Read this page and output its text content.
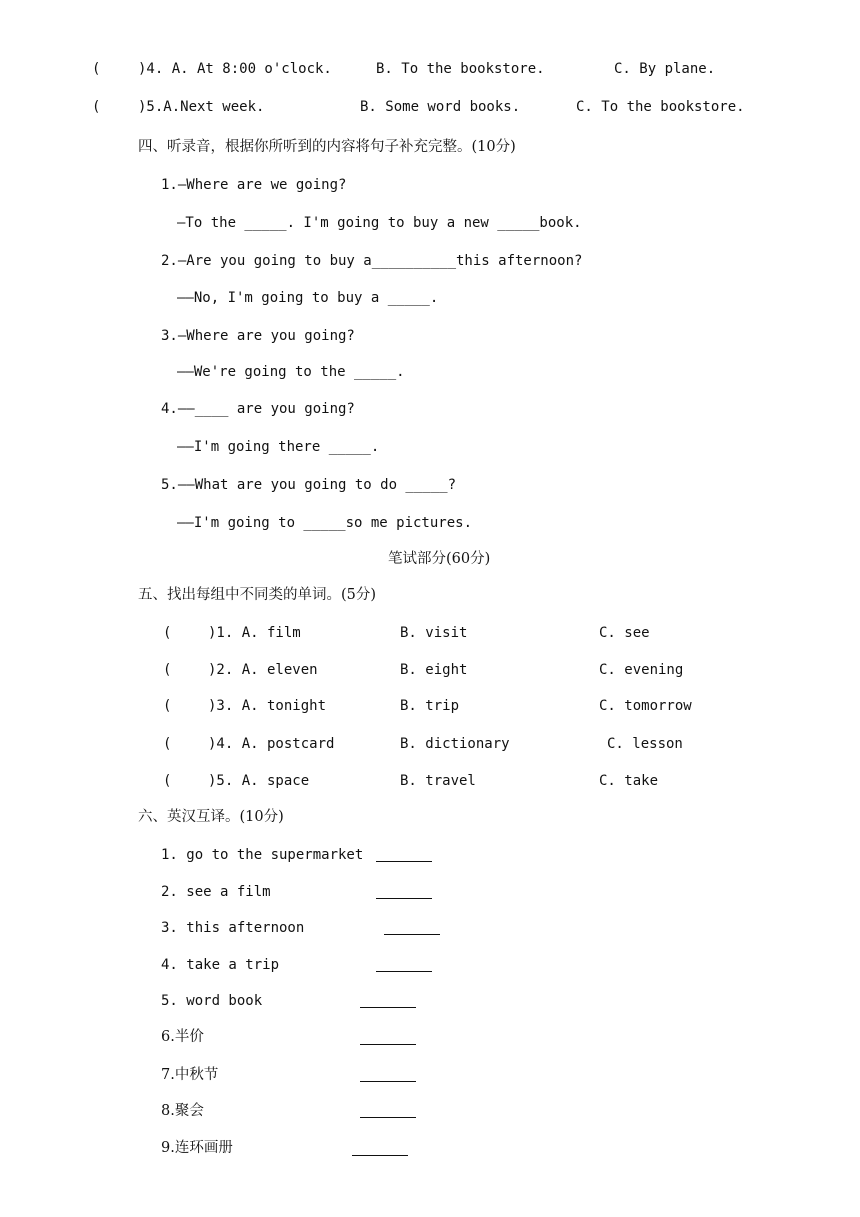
(	)4. A. At 8:00 o'clock.	B. To the bookstore.	C. By plane.
(	)5.A.Next week.	B. Some word books.	C. To the bookstore.
四、听录音，根据你所听到的内容将句子补充完整。(10分)
1.—Where are we going?
—To the _____. I'm going to buy a new _____book.
2.—Are you going to buy a__________this afternoon?
——No, I'm going to buy a _____.
3.—Where are you going?
——We're going to the _____.
4.——____ are you going?
——I'm going there _____.
5.——What are you going to do _____?
——I'm going to _____so me pictures.
笔试部分(60分)
五、找出每组中不同类的单词。(5分)
(	)1. A. film	B. visit	C. see
(	)2. A. eleven	B. eight	C. evening
(	)3. A. tonight	B. trip	C. tomorrow
(	)4. A. postcard	B. dictionary	C. lesson
(	)5. A. space	B. travel	C. take
六、英汉互译。(10分)
1. go to the supermarket
2. see a film
3. this afternoon
4. take a trip
5. word book
6.半价
7.中秋节
8.聚会
9.连环画册
